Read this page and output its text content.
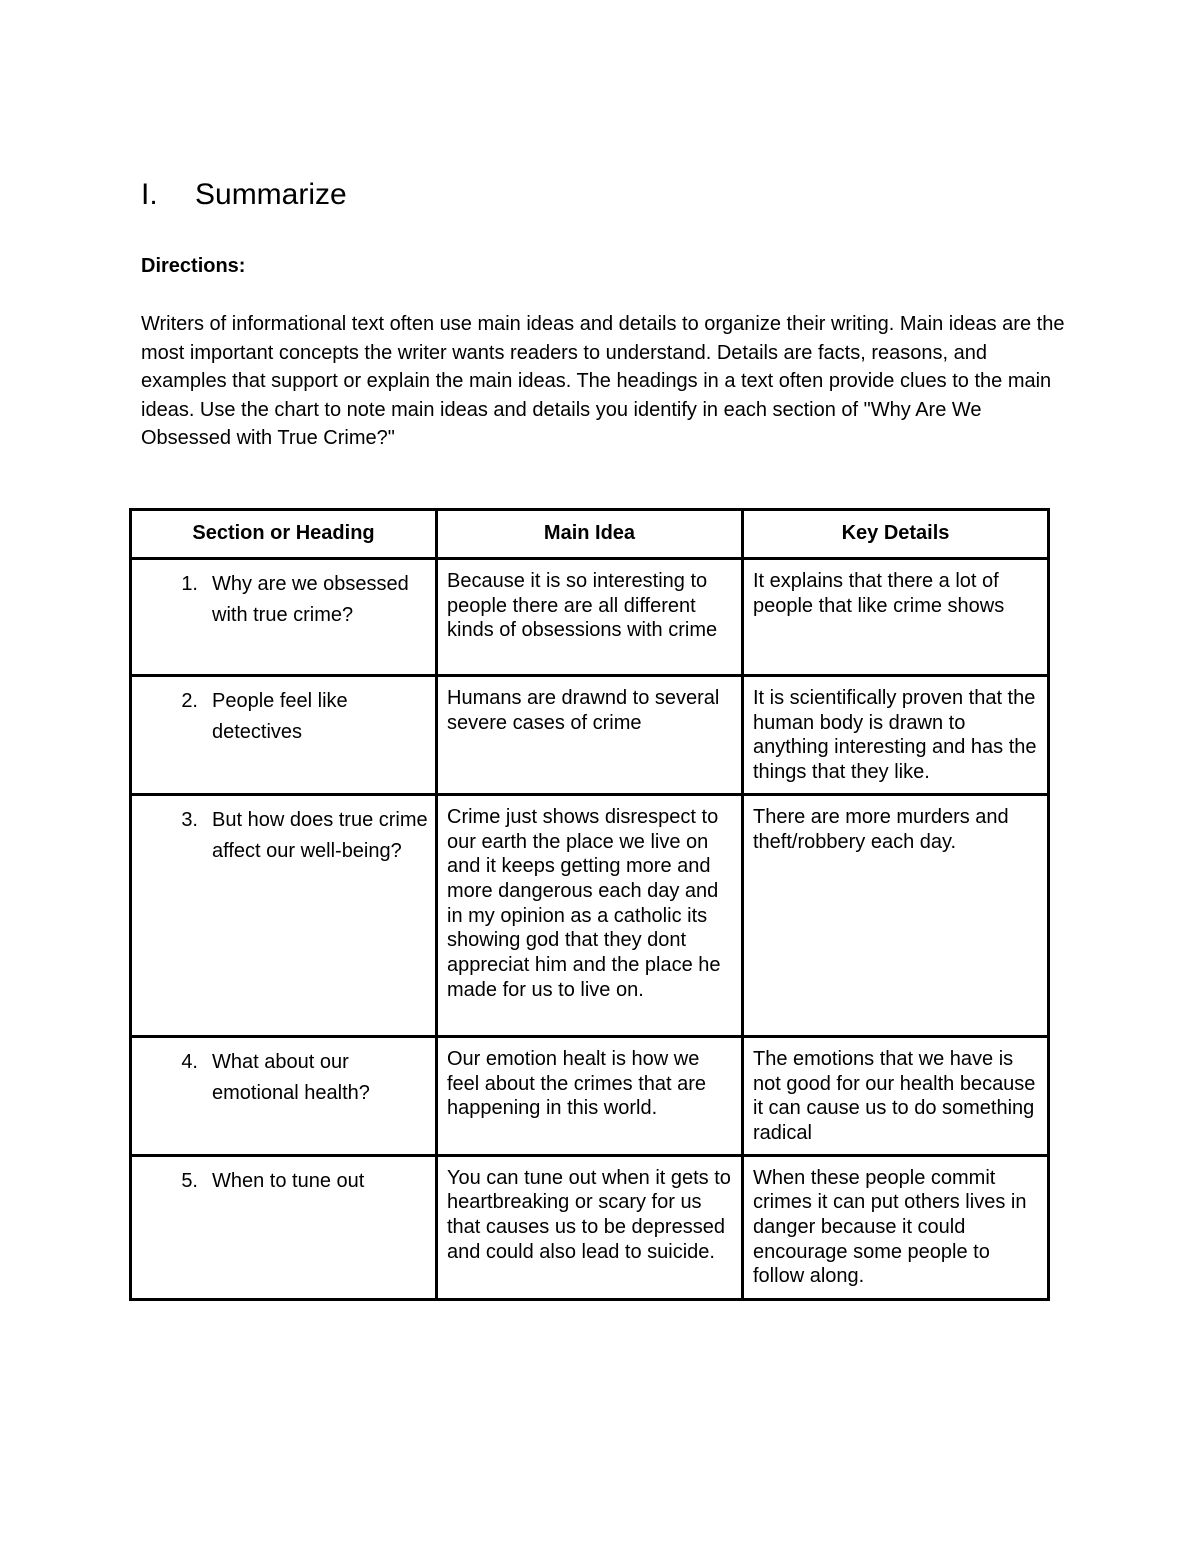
I. Summarize
Directions:

Writers of informational text often use main ideas and details to organize their writing. Main ideas are the most important concepts the writer wants readers to understand. Details are facts, reasons, and examples that support or explain the main ideas. The headings in a text often provide clues to the main ideas. Use the chart to note main ideas and details you identify in each section of "Why Are We Obsessed with True Crime?"

Section or Heading	Main Idea	Key Details

1. Why are we obsessed with true crime?	Because it is so interesting to people there are all different kinds of obsessions with crime	It explains that there a lot of people that like crime shows

2. People feel like detectives	Humans are drawnd to several severe cases of crime	It is scientifically proven that the human body is drawn to anything interesting and has the things that they like.

3. But how does true crime affect our well-being?	Crime just shows disrespect to our earth the place we live on and it keeps getting more and more dangerous each day and in my opinion as a catholic its showing god that they dont appreciat him and the place he made for us to live on.	There are more murders and theft/robbery each day.

4. What about our emotional health?	Our emotion healt is how we feel about the crimes that are happening in this world.	The emotions that we have is not good for our health because it can cause us to do something radical

5. When to tune out	You can tune out when it gets to heartbreaking or scary for us that causes us to be depressed and could also lead to suicide.	When these people commit crimes it can put others lives in danger because it could encourage some people to follow along.
